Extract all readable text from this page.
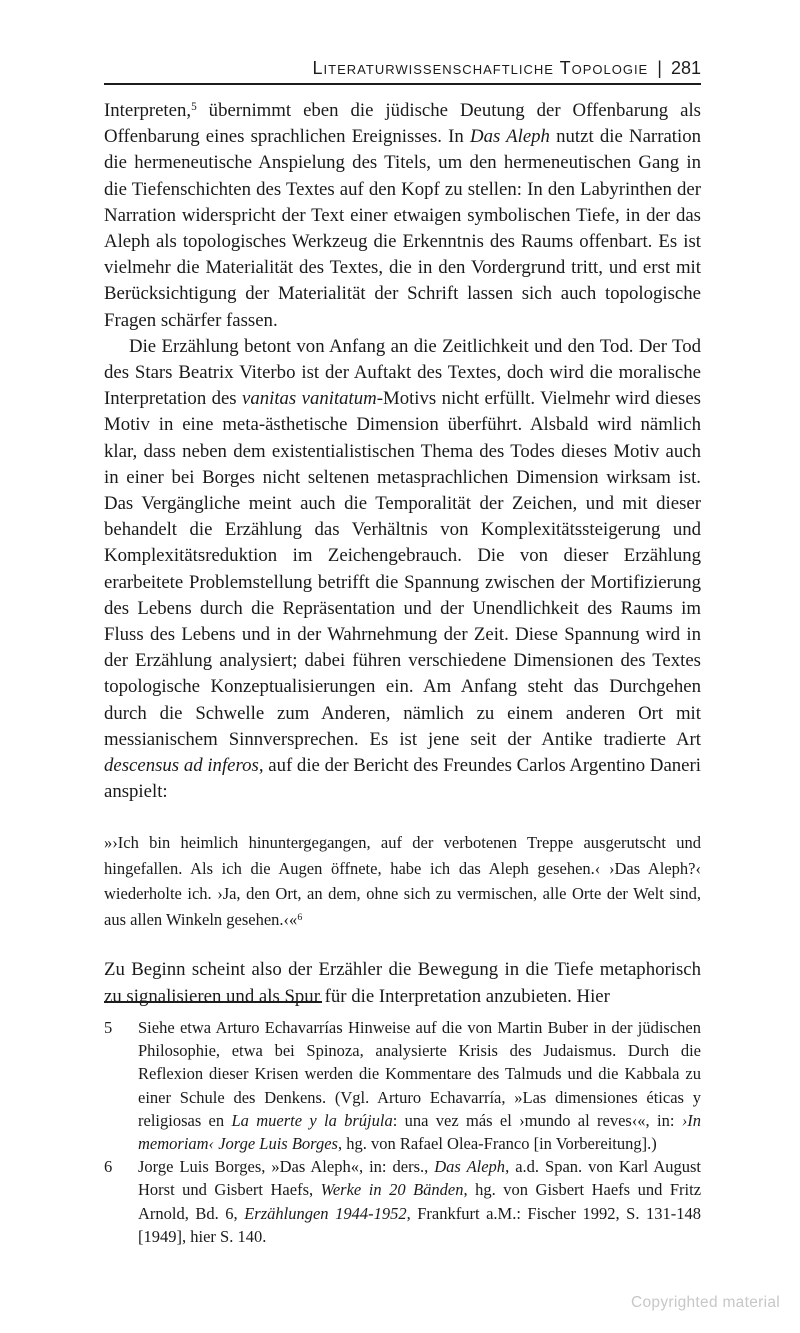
Literaturwissenschaftliche Topologie | 281

Interpreten,$^5$ übernimmt eben die jüdische Deutung der Offenbarung als Offenbarung eines sprachlichen Ereignisses. In Das Aleph nutzt die Narration die hermeneutische Anspielung des Titels, um den hermeneutischen Gang in die Tiefenschichten des Textes auf den Kopf zu stellen: In den Labyrinthen der Narration widerspricht der Text einer etwaigen symbolischen Tiefe, in der das Aleph als topologisches Werkzeug die Erkenntnis des Raums offenbart. Es ist vielmehr die Materialität des Textes, die in den Vordergrund tritt, und erst mit Berücksichtigung der Materialität der Schrift lassen sich auch topologische Fragen schärfer fassen.

Die Erzählung betont von Anfang an die Zeitlichkeit und den Tod. Der Tod des Stars Beatrix Viterbo ist der Auftakt des Textes, doch wird die moralische Interpretation des vanitas vanitatum-Motivs nicht erfüllt. Vielmehr wird dieses Motiv in eine meta-ästhetische Dimension überführt. Alsbald wird nämlich klar, dass neben dem existentialistischen Thema des Todes dieses Motiv auch in einer bei Borges nicht seltenen metasprachlichen Dimension wirksam ist. Das Vergängliche meint auch die Temporalität der Zeichen, und mit dieser behandelt die Erzählung das Verhältnis von Komplexitätssteigerung und Komplexitätsreduktion im Zeichengebrauch. Die von dieser Erzählung erarbeitete Problemstellung betrifft die Spannung zwischen der Mortifizierung des Lebens durch die Repräsentation und der Unendlichkeit des Raums im Fluss des Lebens und in der Wahrnehmung der Zeit. Diese Spannung wird in der Erzählung analysiert; dabei führen verschiedene Dimensionen des Textes topologische Konzeptualisierungen ein. Am Anfang steht das Durchgehen durch die Schwelle zum Anderen, nämlich zu einem anderen Ort mit messianischem Sinnversprechen. Es ist jene seit der Antike tradierte Art descensus ad inferos, auf die der Bericht des Freundes Carlos Argentino Daneri anspielt:

»›Ich bin heimlich hinuntergegangen, auf der verbotenen Treppe ausgerutscht und hingefallen. Als ich die Augen öffnete, habe ich das Aleph gesehen.‹ ›Das Aleph?‹ wiederholte ich. ›Ja, den Ort, an dem, ohne sich zu vermischen, alle Orte der Welt sind, aus allen Winkeln gesehen.‹«$^6$

Zu Beginn scheint also der Erzähler die Bewegung in die Tiefe metaphorisch zu signalisieren und als Spur für die Interpretation anzubieten. Hier

5	Siehe etwa Arturo Echavarrías Hinweise auf die von Martin Buber in der jüdischen Philosophie, etwa bei Spinoza, analysierte Krisis des Judaismus. Durch die Reflexion dieser Krisen werden die Kommentare des Talmuds und die Kabbala zu einer Schule des Denkens. (Vgl. Arturo Echavarría, »Las dimensiones éticas y religiosas en La muerte y la brújula: una vez más el ›mundo al reves‹«, in: ›In memoriam‹ Jorge Luis Borges, hg. von Rafael Olea-Franco [in Vorbereitung].)

6	Jorge Luis Borges, »Das Aleph«, in: ders., Das Aleph, a.d. Span. von Karl August Horst und Gisbert Haefs, Werke in 20 Bänden, hg. von Gisbert Haefs und Fritz Arnold, Bd. 6, Erzählungen 1944-1952, Frankfurt a.M.: Fischer 1992, S. 131-148 [1949], hier S. 140.

Copyrighted material
